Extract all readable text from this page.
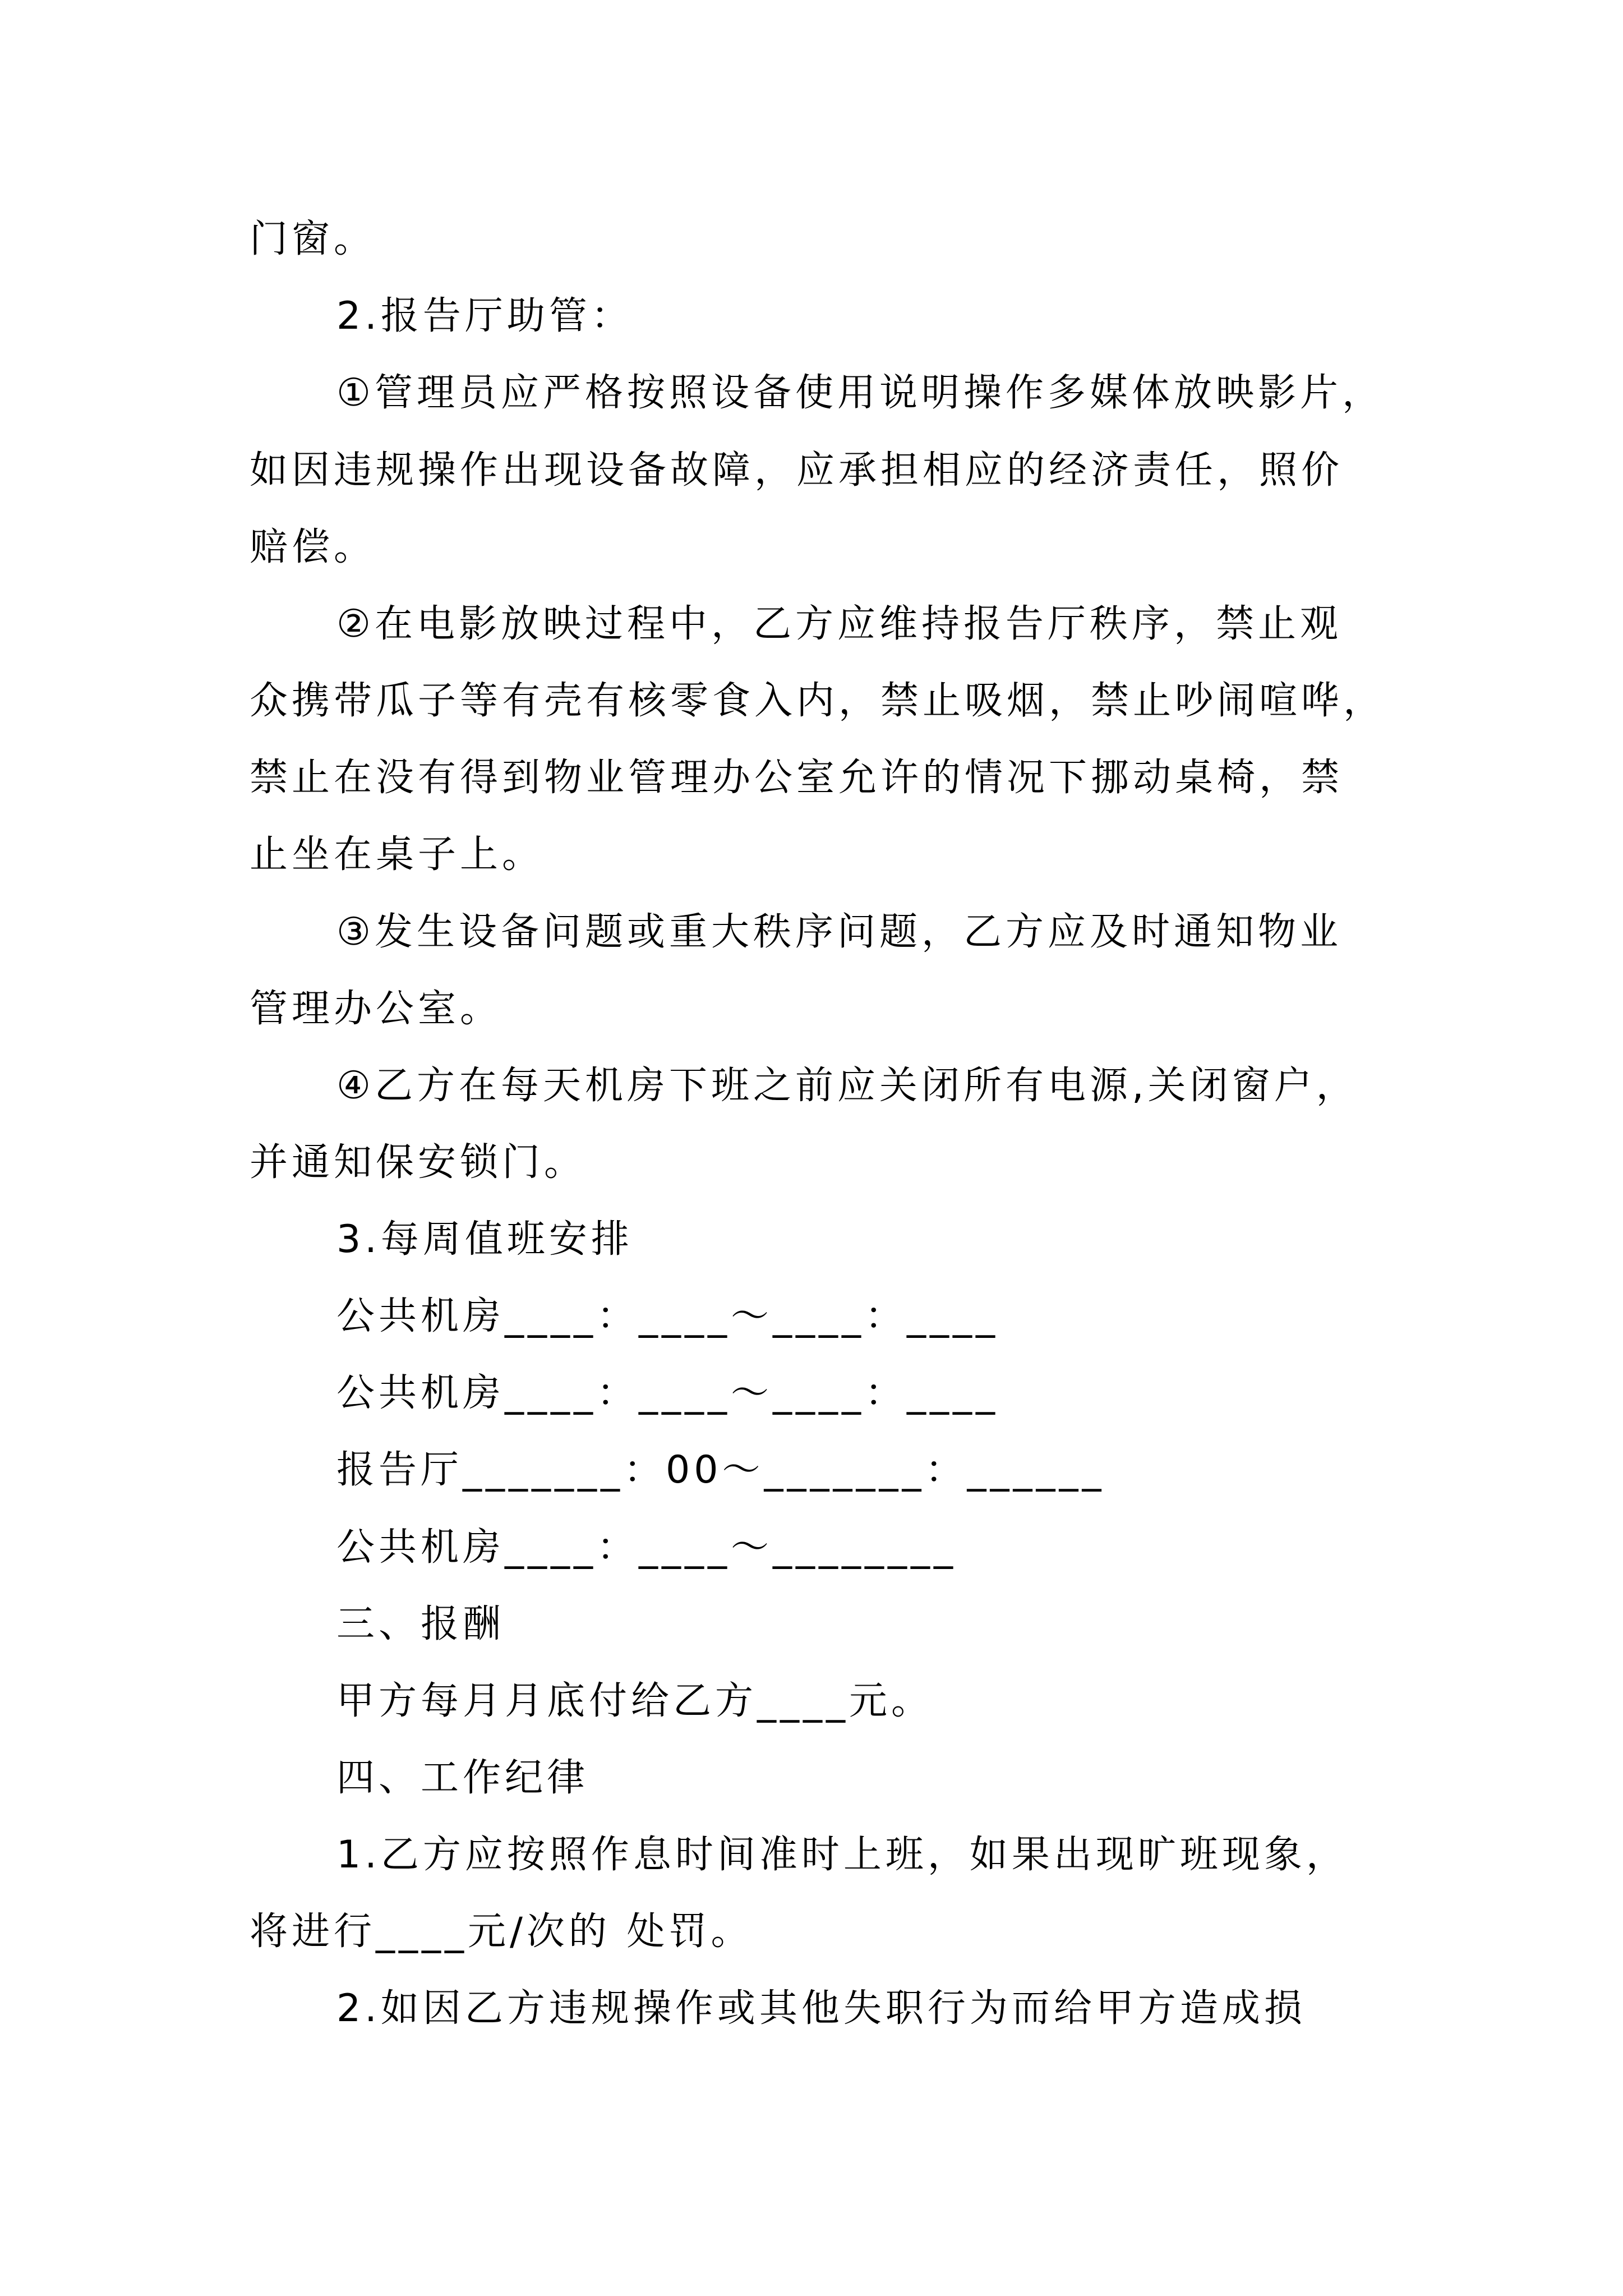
门窗。
2.报告厅助管：
①管理员应严格按照设备使用说明操作多媒体放映影片，
如因违规操作出现设备故障，应承担相应的经济责任，照价
赔偿。
②在电影放映过程中，乙方应维持报告厅秩序，禁止观
众携带瓜子等有壳有核零食入内，禁止吸烟，禁止吵闹喧哗，
禁止在没有得到物业管理办公室允许的情况下挪动桌椅，禁
止坐在桌子上。
③发生设备问题或重大秩序问题，乙方应及时通知物业
管理办公室。
④乙方在每天机房下班之前应关闭所有电源,关闭窗户，
并通知保安锁门。
3.每周值班安排
公共机房____：____～____：____
公共机房____：____～____：____
报告厅_______：00～_______：______
公共机房____：____～________
三、报酬
甲方每月月底付给乙方____元。
四、工作纪律
1.乙方应按照作息时间准时上班，如果出现旷班现象，
将进行____元/次的 处罚。
2.如因乙方违规操作或其他失职行为而给甲方造成损
